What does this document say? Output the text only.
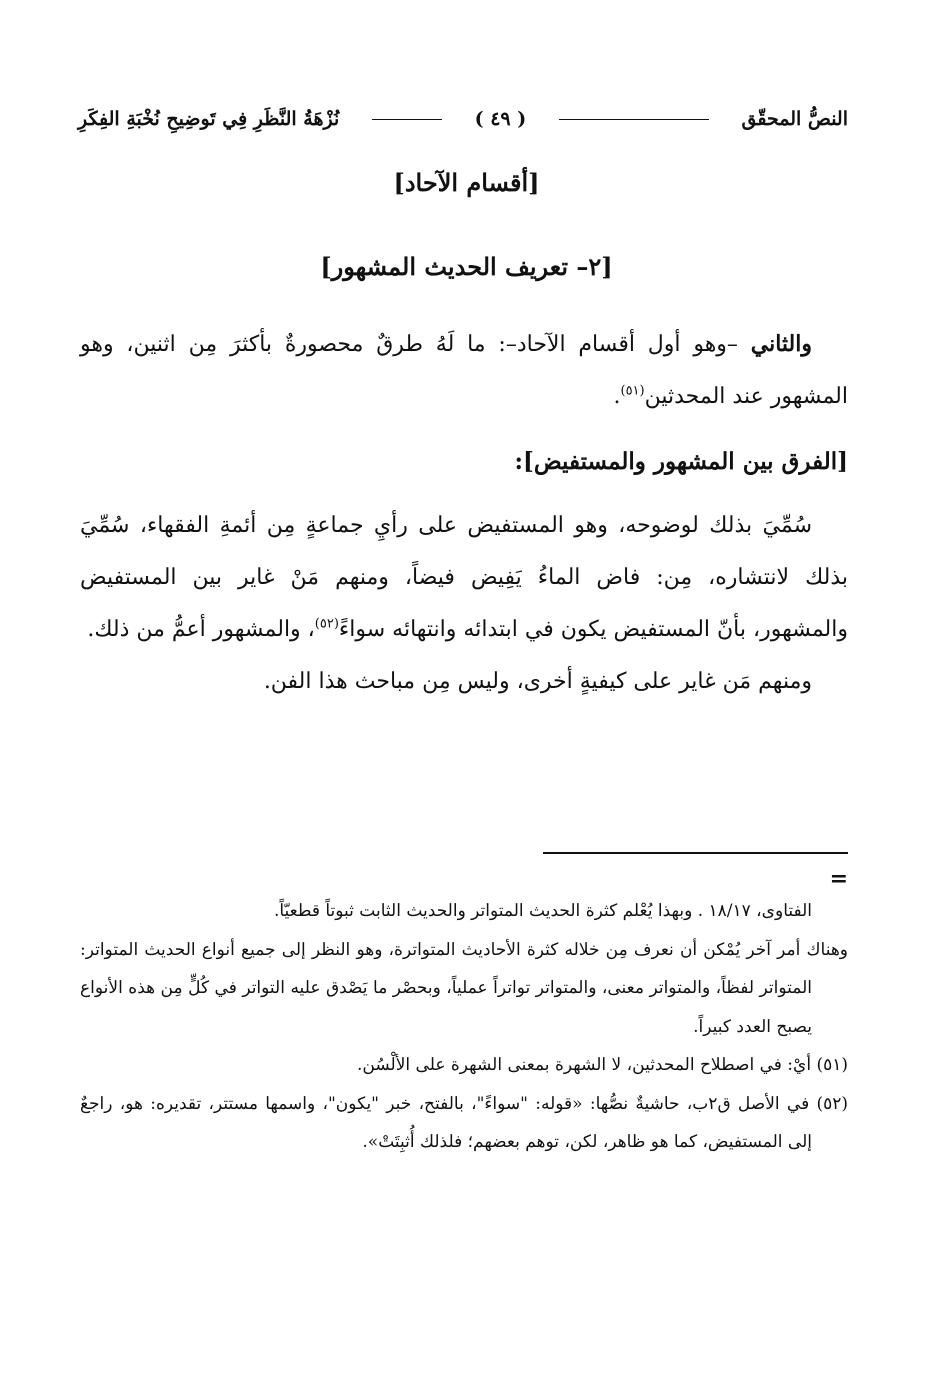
النصُّ المحقّق
( ٤٩ )
نُزْهَةُ النَّظَرِ فِي تَوضِيحِ نُخْبَةِ الفِكَرِ
[أقسام الآحاد]
[٢– تعريف الحديث المشهور]

والثاني –وهو أول أقسام الآحاد–: ما لَهُ طرقٌ محصورةٌ بأكثرَ مِن اثنين، وهو المشهور عند المحدثين$^{(٥١)}$.

[الفرق بين المشهور والمستفيض]:

سُمِّيَ بذلك لوضوحه، وهو المستفيض على رأيِ جماعةٍ مِن أئمةِ الفقهاء، سُمِّيَ بذلك لانتشاره، مِن: فاض الماءُ يَفِيض فيضاً، ومنهم مَنْ غاير بين المستفيض والمشهور، بأنّ المستفيض يكون في ابتدائه وانتهائه سواءً$^{(٥٢)}$، والمشهور أعمُّ من ذلك.

ومنهم مَن غاير على كيفيةٍ أخرى، وليس مِن مباحث هذا الفن.

=

الفتاوى، ١٨/١٧ . وبهذا يُعْلم كثرة الحديث المتواتر والحديث الثابت ثبوتاً قطعيّاً.

وهناك أمر آخر يُمْكن أن نعرف مِن خلاله كثرة الأحاديث المتواترة، وهو النظر إلى جميع أنواع الحديث المتواتر: المتواتر لفظاً، والمتواتر معنى، والمتواتر تواتراً عملياً، وبحصْر ما يَصْدق عليه التواتر في كُلٍّ مِن هذه الأنواع يصبح العدد كبيراً.

(٥١) أيْ: في اصطلاح المحدثين، لا الشهرة بمعنى الشهرة على الألْسُن.

(٥٢) في الأصل ق٢ب، حاشيةٌ نصُّها: «قوله: "سواءً"، بالفتح، خبر "يكون"، واسمها مستتر، تقديره: هو، راجعٌ إلى المستفيض، كما هو ظاهر، لكن، توهم بعضهم؛ فلذلك أُثبِتَتْ».
